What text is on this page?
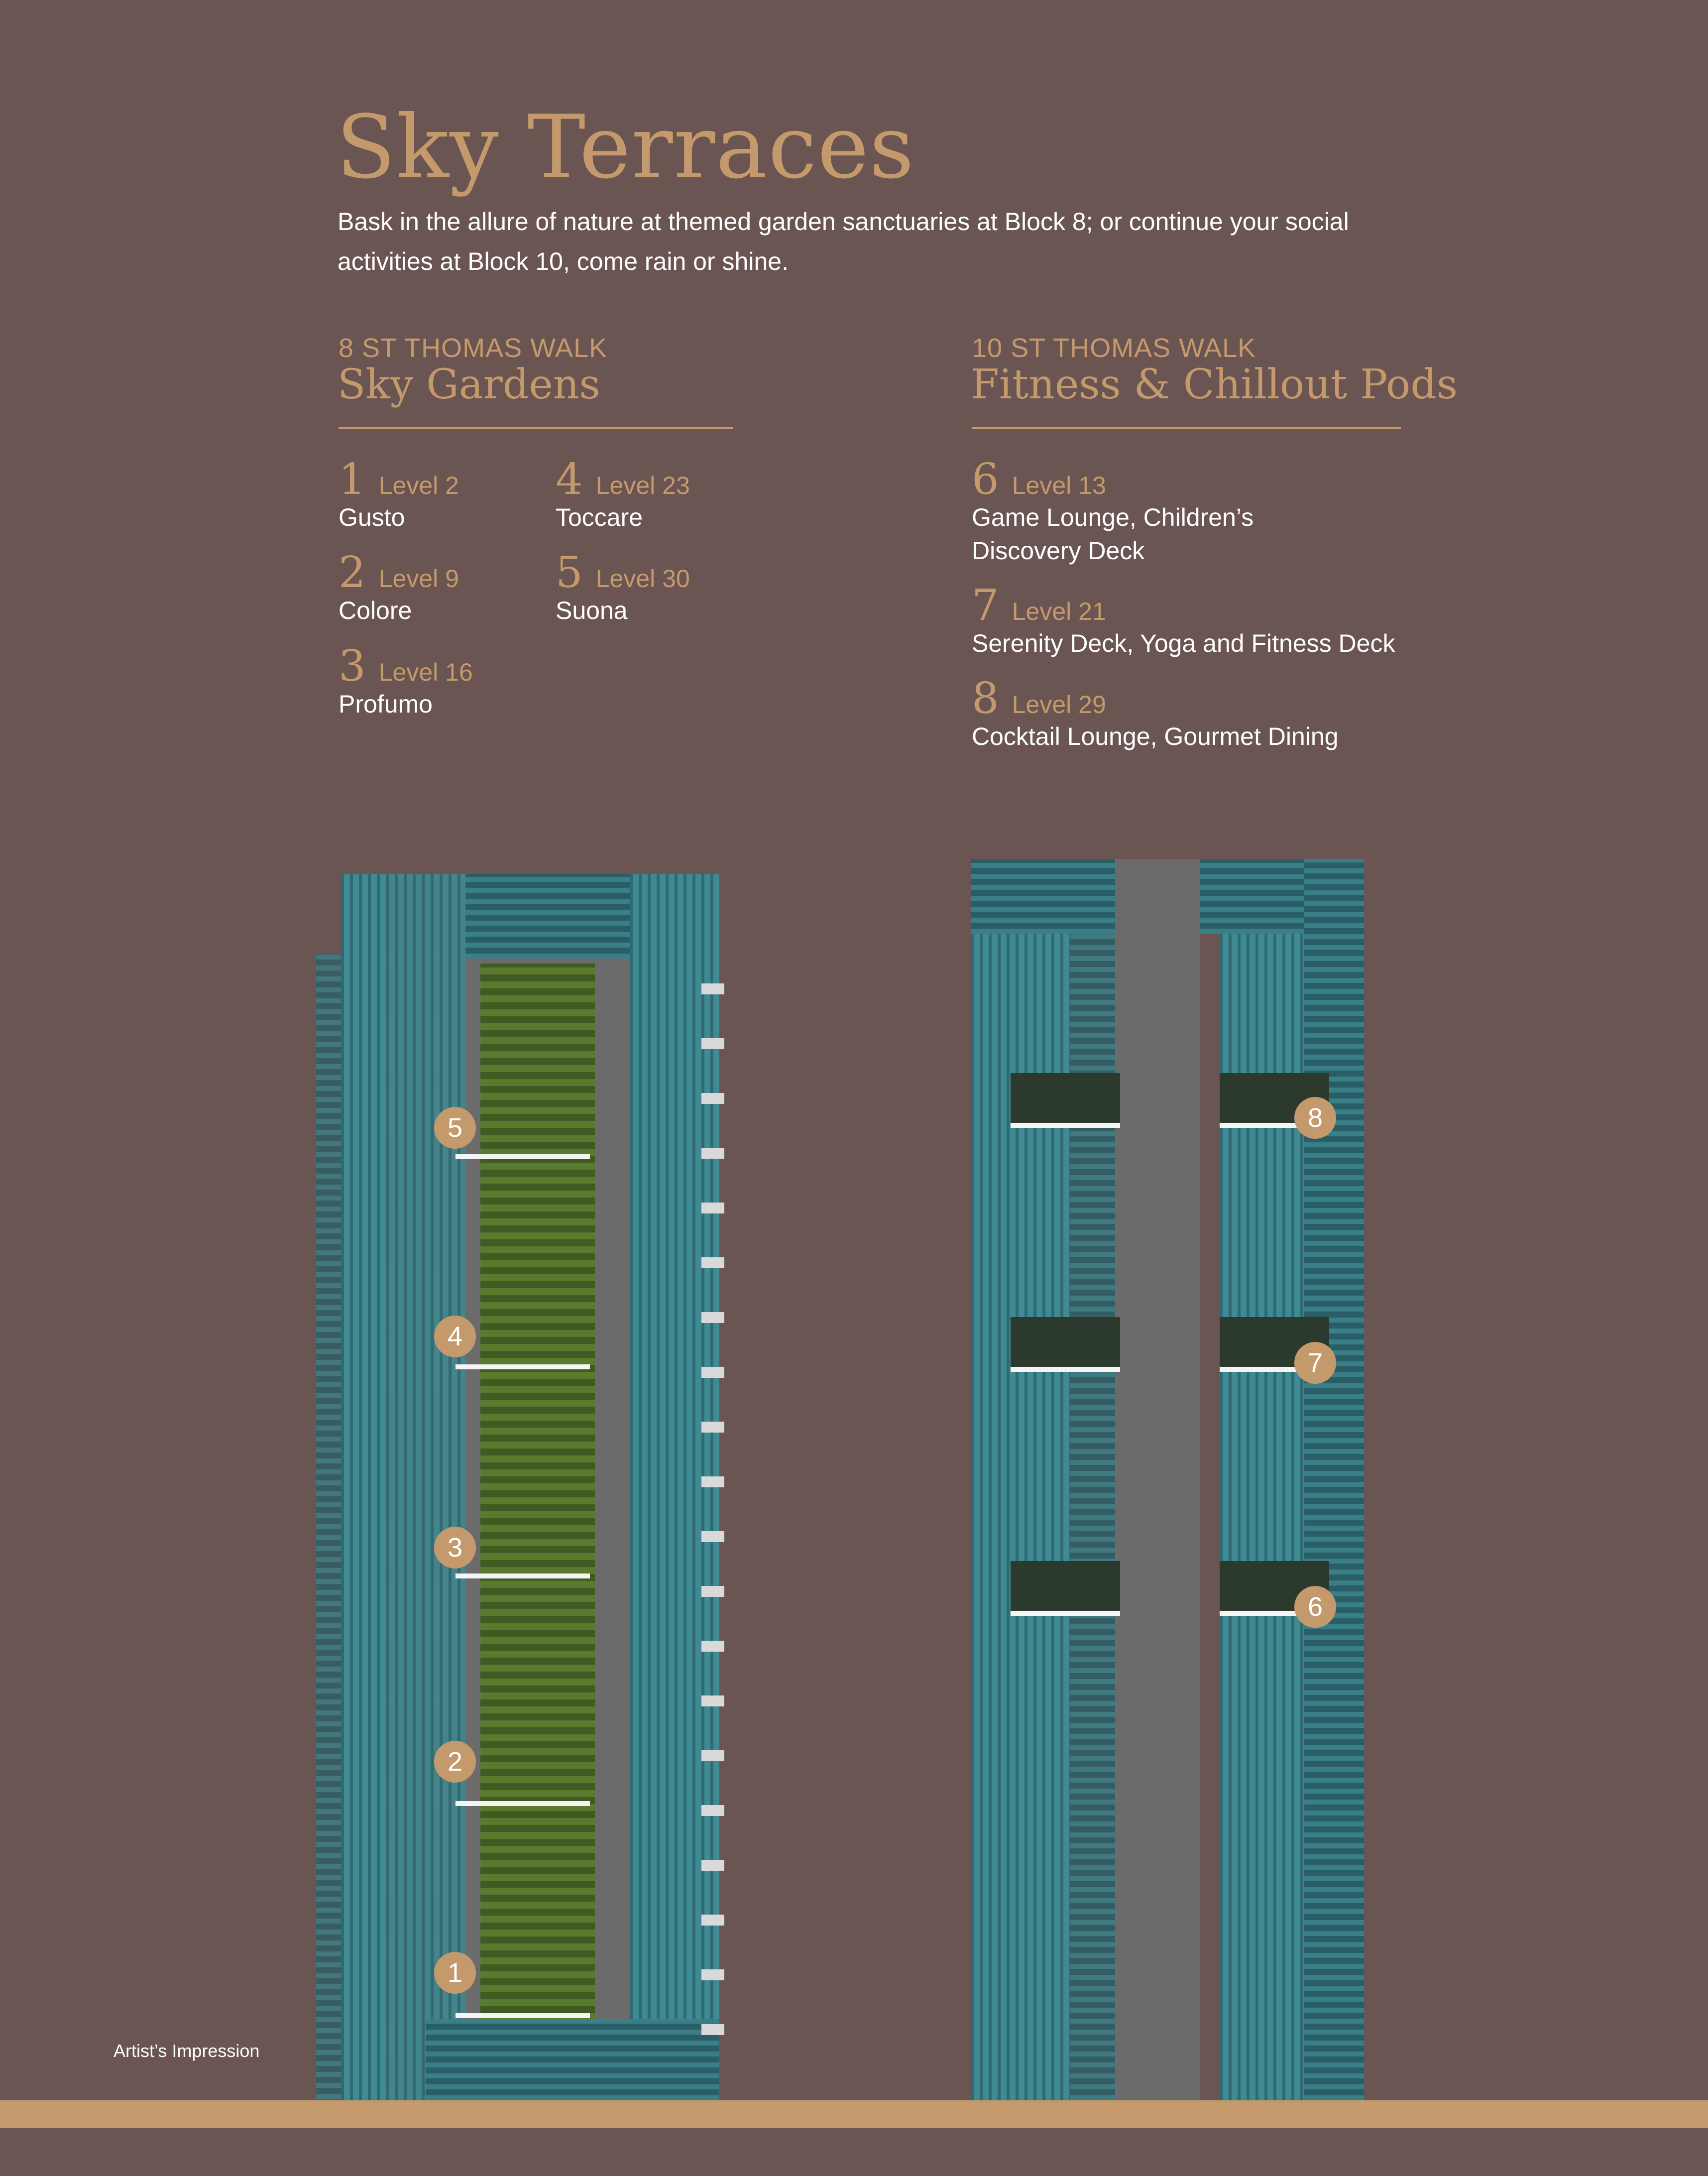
Sky Terraces
Bask in the allure of nature at themed garden sanctuaries at Block 8; or continue your social activities at Block 10, come rain or shine.
8 ST THOMAS WALK
Sky Gardens
1 Level 2
Gusto
2 Level 9
Colore
3 Level 16
Profumo
4 Level 23
Toccare
5 Level 30
Suona
10 ST THOMAS WALK
Fitness & Chillout Pods
6 Level 13
Game Lounge, Children’s Discovery Deck
7 Level 21
Serenity Deck, Yoga and Fitness Deck
8 Level 29
Cocktail Lounge, Gourmet Dining
5
4
3
2
1
8
7
6
Artist’s Impression
